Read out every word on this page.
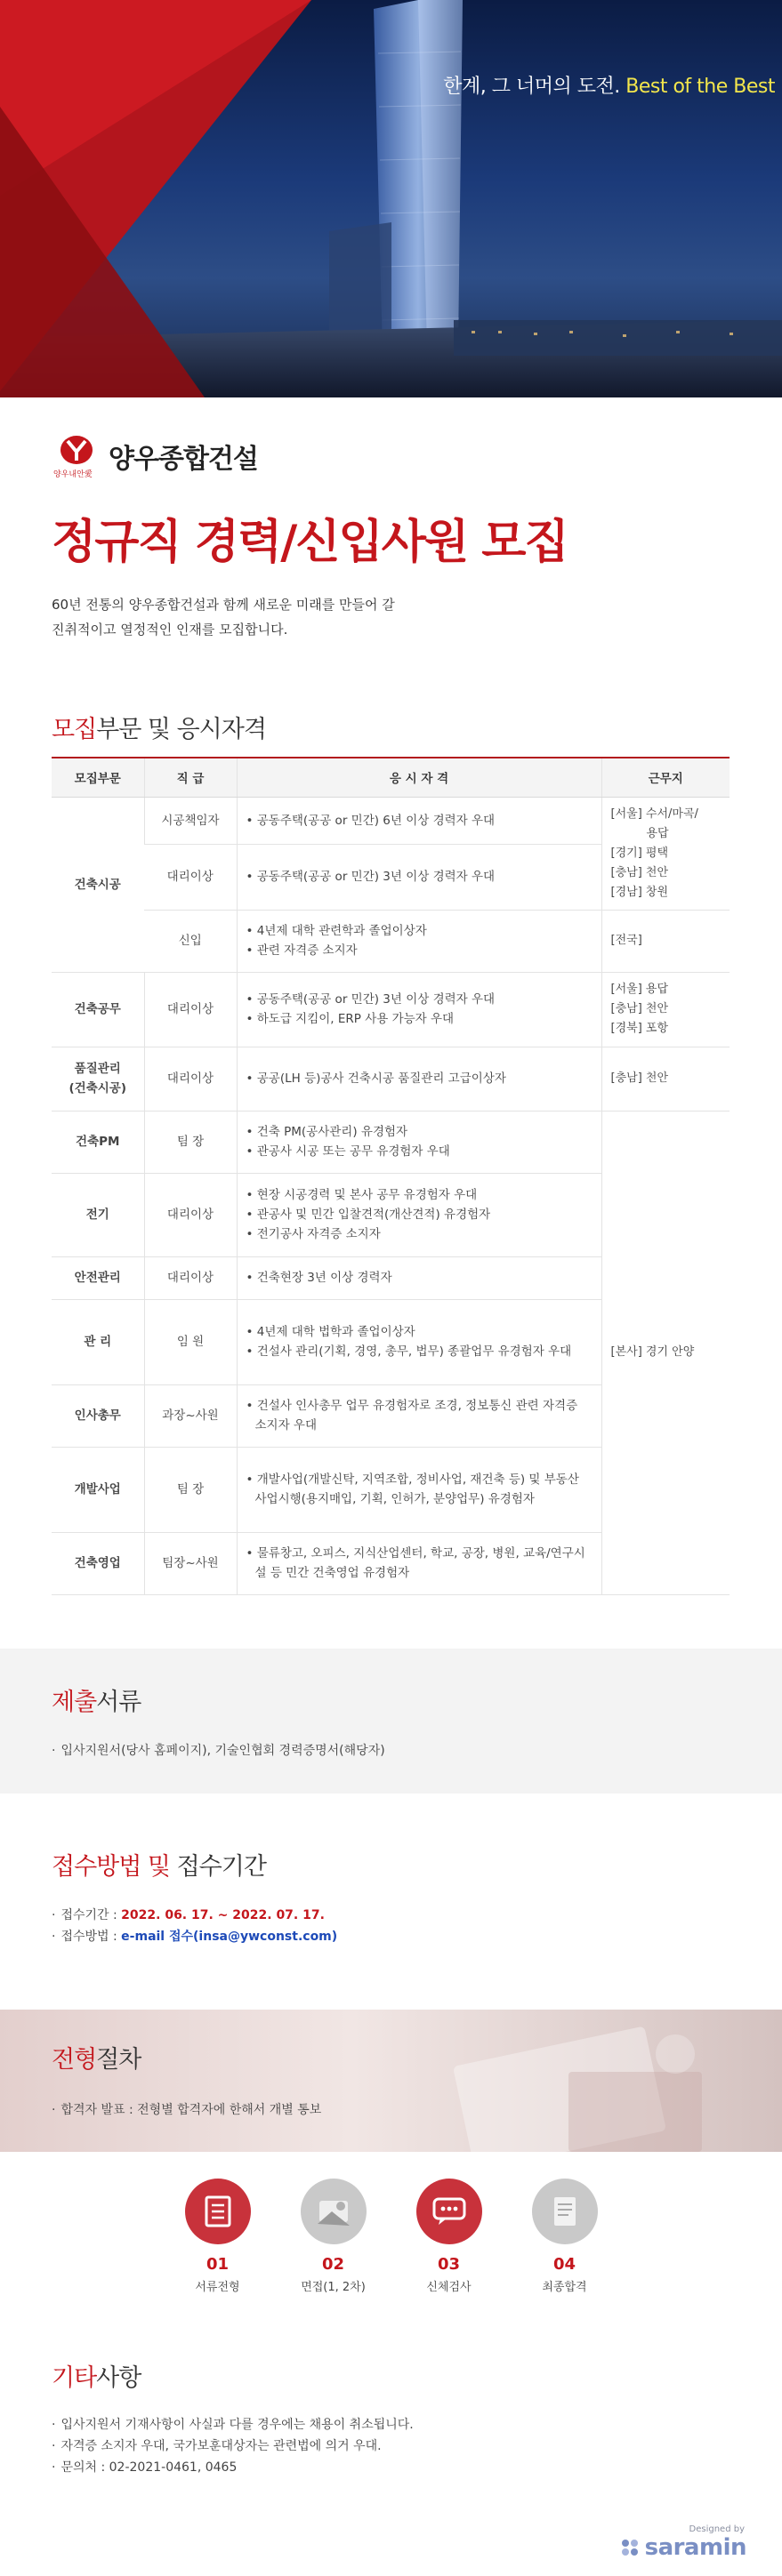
한계, 그 너머의 도전. Best of the Best
양우내안愛 양우종합건설
정규직 경력/신입사원 모집
60년 전통의 양우종합건설과 함께 새로운 미래를 만들어 갈
진취적이고 열정적인 인재를 모집합니다.
모집부문 및 응시자격
모집부문	직 급	응 시 자 격	근무지
건축시공	시공책임자	• 공동주택(공공 or 민간) 6년 이상 경력자 우대	[서울] 수서/마곡/
용답
[경기] 평택
[충남] 천안
[경남] 창원

	대리이상	• 공동주택(공공 or 민간) 3년 이상 경력자 우대	

	신입	• 4년제 대학 관련학과 졸업이상자
• 관련 자격증 소지자	[전국]

건축공무	대리이상	• 공동주택(공공 or 민간) 3년 이상 경력자 우대
• 하도급 지킴이, ERP 사용 가능자 우대	[서울] 용답
[충남] 천안
[경북] 포항

품질관리
(건축시공)	대리이상	• 공공(LH 등)공사 건축시공 품질관리 고급이상자	[충남] 천안

건축PM	팀 장	• 건축 PM(공사관리) 유경험자
• 관공사 시공 또는 공무 유경험자 우대	[본사] 경기 안양

전기	대리이상	• 현장 시공경력 및 본사 공무 유경험자 우대
• 관공사 및 민간 입찰견적(개산견적) 유경험자
• 전기공사 자격증 소지자	

안전관리	대리이상	• 건축현장 3년 이상 경력자	

관 리	임 원	• 4년제 대학 법학과 졸업이상자
• 건설사 관리(기획, 경영, 총무, 법무) 종괄업무 유경험자 우대	

인사총무	과장~사원	• 건설사 인사총무 업무 유경험자로 조경, 정보통신 관련 자격증 소지자 우대	

개발사업	팀 장	• 개발사업(개발신탁, 지역조합, 정비사업, 재건축 등) 및 부동산 사업시행(용지매입, 기획, 인허가, 분양업무) 유경험자	

건축영업	팀장~사원	• 물류창고, 오피스, 지식산업센터, 학교, 공장, 병원, 교육/연구시설 등 민간 건축영업 유경험자	
제출서류
· 입사지원서(당사 홈페이지), 기술인협회 경력증명서(해당자)
접수방법 및 접수기간
· 접수기간 : 2022. 06. 17. ~ 2022. 07. 17.
· 접수방법 : e-mail 접수(insa@ywconst.com)
전형절차
· 합격자 발표 : 전형별 합격자에 한해서 개별 통보
01
서류전형
02
면접(1, 2차)
03
신체검사
04
최종합격
기타사항
· 입사지원서 기재사항이 사실과 다를 경우에는 채용이 취소됩니다.
· 자격증 소지자 우대, 국가보훈대상자는 관련법에 의거 우대.
· 문의처 : 02-2021-0461, 0465
Designed by
saramin
